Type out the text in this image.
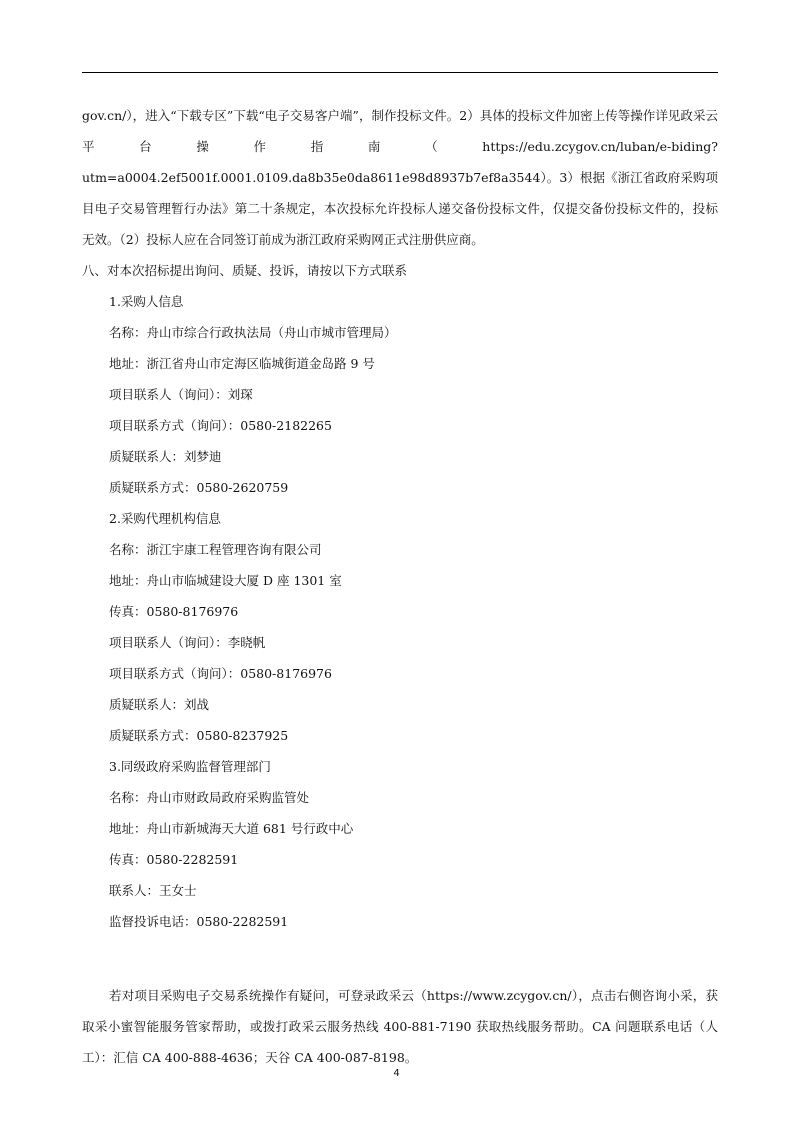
gov.cn/），进入“下载专区”下载“电子交易客户端”，制作投标文件。2）具体的投标文件加密上传等操作详见政采云平台操作指南（https://edu.zcygov.cn/luban/e-biding?utm=a0004.2ef5001f.0001.0109.da8b35e0da8611e98d8937b7ef8a3544）。3）根据《浙江省政府采购项目电子交易管理暂行办法》第二十条规定，本次投标允许投标人递交备份投标文件，仅提交备份投标文件的，投标无效。（2）投标人应在合同签订前成为浙江政府采购网正式注册供应商。

八、对本次招标提出询问、质疑、投诉，请按以下方式联系
1.采购人信息
名称：舟山市综合行政执法局（舟山市城市管理局）
地址：浙江省舟山市定海区临城街道金岛路 9 号
项目联系人（询问）：刘琛
项目联系方式（询问）：0580-2182265
质疑联系人：刘梦迪
质疑联系方式：0580-2620759
2.采购代理机构信息
名称：浙江宇康工程管理咨询有限公司
地址：舟山市临城建设大厦 D 座 1301 室
传真：0580-8176976
项目联系人（询问）：李晓帆
项目联系方式（询问）：0580-8176976
质疑联系人：刘战
质疑联系方式：0580-8237925
3.同级政府采购监督管理部门
名称：舟山市财政局政府采购监管处
地址：舟山市新城海天大道 681 号行政中心
传真：0580-2282591
联系人：王女士
监督投诉电话：0580-2282591

若对项目采购电子交易系统操作有疑问，可登录政采云（https://www.zcygov.cn/），点击右侧咨询小采，获取采小蜜智能服务管家帮助，或拨打政采云服务热线 400-881-7190 获取热线服务帮助。CA 问题联系电话（人工）：汇信 CA 400-888-4636；天谷 CA 400-087-8198。

4
